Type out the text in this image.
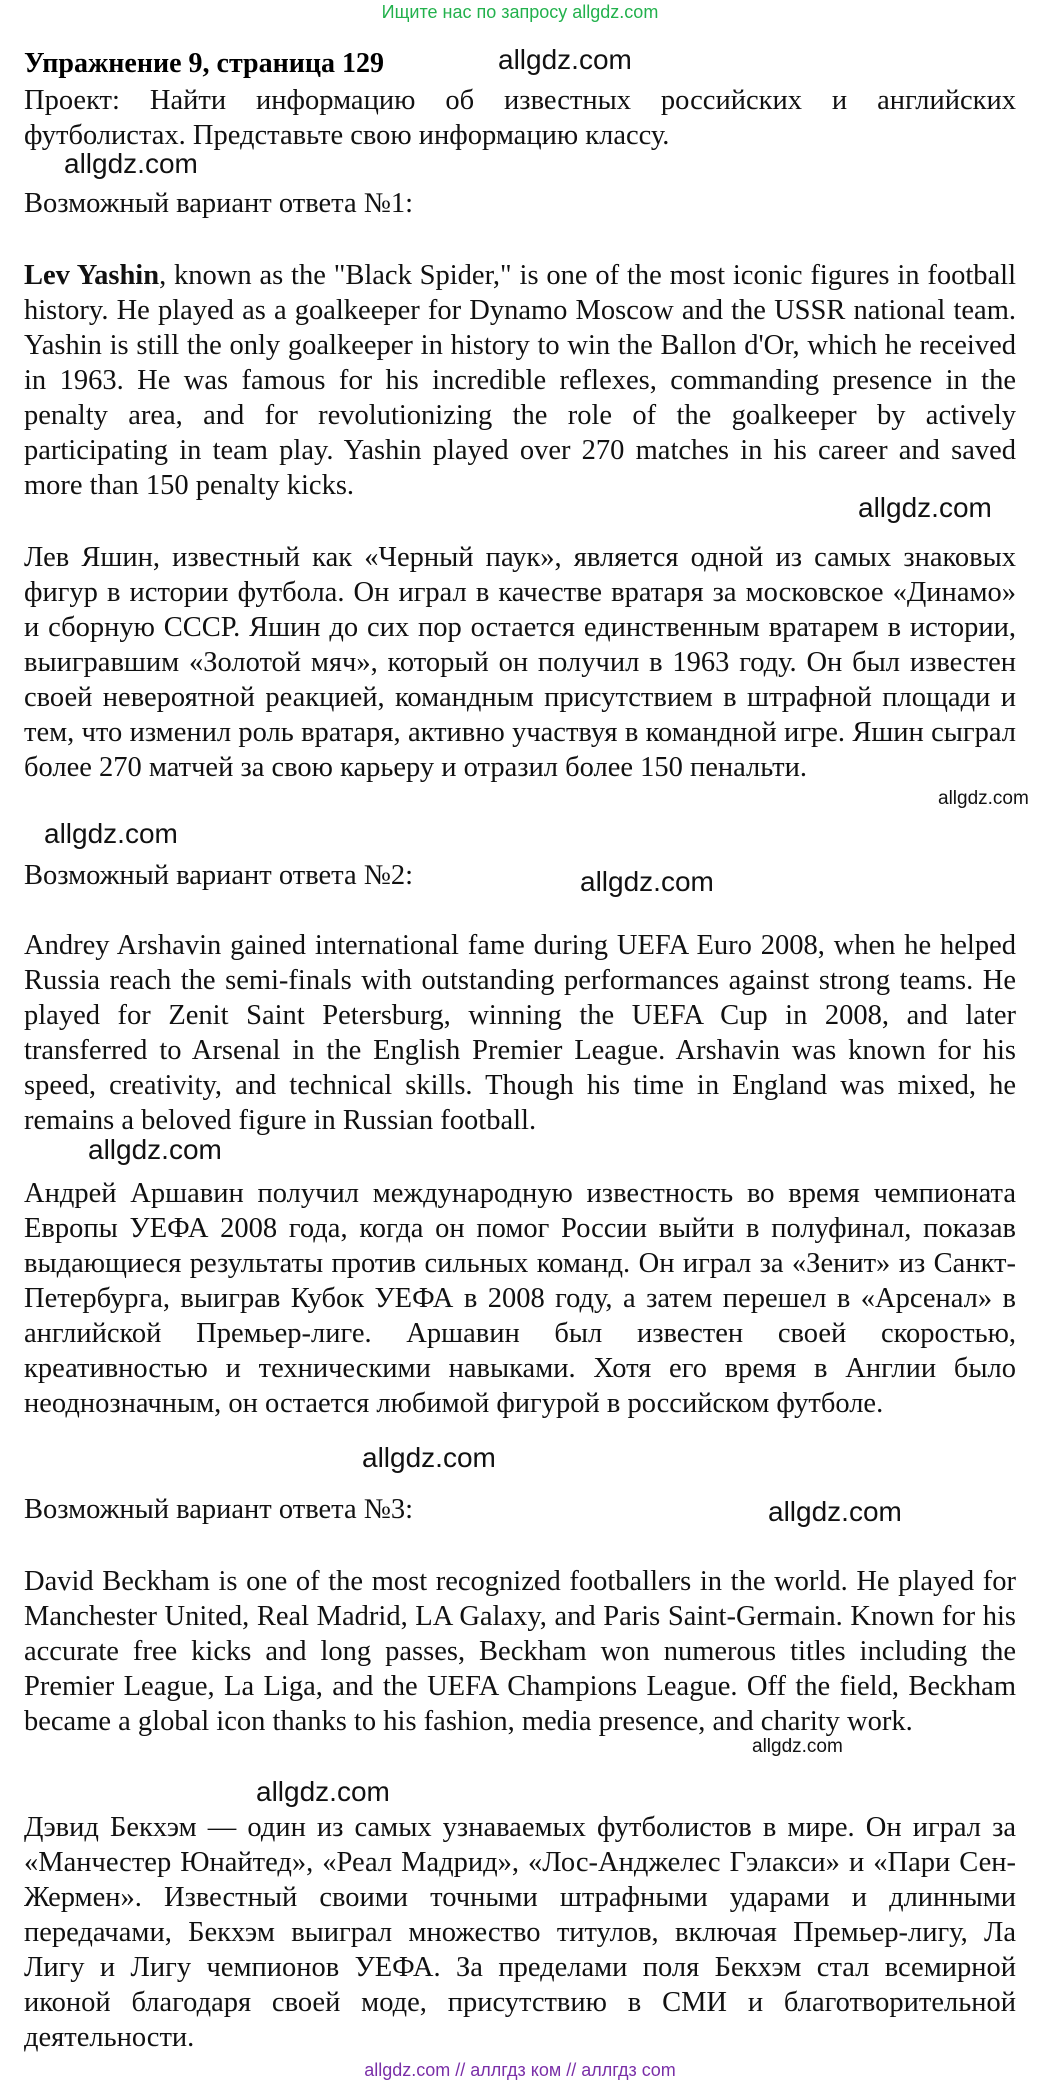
Ищите нас по запросу allgdz.com
Упражнение 9, страница 129	allgdz.com

Проект: Найти информацию об известных российских и английских футболистах. Представьте свою информацию классу.

allgdz.com
Возможный вариант ответа №1:

Lev Yashin, known as the "Black Spider," is one of the most iconic figures in football history. He played as a goalkeeper for Dynamo Moscow and the USSR national team. Yashin is still the only goalkeeper in history to win the Ballon d'Or, which he received in 1963. He was famous for his incredible reflexes, commanding presence in the penalty area, and for revolutionizing the role of the goalkeeper by actively participating in team play. Yashin played over 270 matches in his career and saved more than 150 penalty kicks.

allgdz.com

Лев Яшин, известный как «Черный паук», является одной из самых знаковых фигур в истории футбола. Он играл в качестве вратаря за московское «Динамо» и сборную СССР. Яшин до сих пор остается единственным вратарем в истории, выигравшим «Золотой мяч», который он получил в 1963 году. Он был известен своей невероятной реакцией, командным присутствием в штрафной площади и тем, что изменил роль вратаря, активно участвуя в командной игре. Яшин сыграл более 270 матчей за свою карьеру и отразил более 150 пенальти.

allgdz.com
allgdz.com
Возможный вариант ответа №2:	allgdz.com

Andrey Arshavin gained international fame during UEFA Euro 2008, when he helped Russia reach the semi-finals with outstanding performances against strong teams. He played for Zenit Saint Petersburg, winning the UEFA Cup in 2008, and later transferred to Arsenal in the English Premier League. Arshavin was known for his speed, creativity, and technical skills. Though his time in England was mixed, he remains a beloved figure in Russian football.

allgdz.com

Андрей Аршавин получил международную известность во время чемпионата Европы УЕФА 2008 года, когда он помог России выйти в полуфинал, показав выдающиеся результаты против сильных команд. Он играл за «Зенит» из Санкт-Петербурга, выиграв Кубок УЕФА в 2008 году, а затем перешел в «Арсенал» в английской Премьер-лиге. Аршавин был известен своей скоростью, креативностью и техническими навыками. Хотя его время в Англии было неоднозначным, он остается любимой фигурой в российском футболе.

allgdz.com
Возможный вариант ответа №3:	allgdz.com

David Beckham is one of the most recognized footballers in the world. He played for Manchester United, Real Madrid, LA Galaxy, and Paris Saint-Germain. Known for his accurate free kicks and long passes, Beckham won numerous titles including the Premier League, La Liga, and the UEFA Champions League. Off the field, Beckham became a global icon thanks to his fashion, media presence, and charity work.

allgdz.com
allgdz.com

Дэвид Бекхэм — один из самых узнаваемых футболистов в мире. Он играл за «Манчестер Юнайтед», «Реал Мадрид», «Лос-Анджелес Гэлакси» и «Пари Сен-Жермен». Известный своими точными штрафными ударами и длинными передачами, Бекхэм выиграл множество титулов, включая Премьер-лигу, Ла Лигу и Лигу чемпионов УЕФА. За пределами поля Бекхэм стал всемирной иконой благодаря своей моде, присутствию в СМИ и благотворительной деятельности.

allgdz.com // аллгдз ком // аллгдз com
